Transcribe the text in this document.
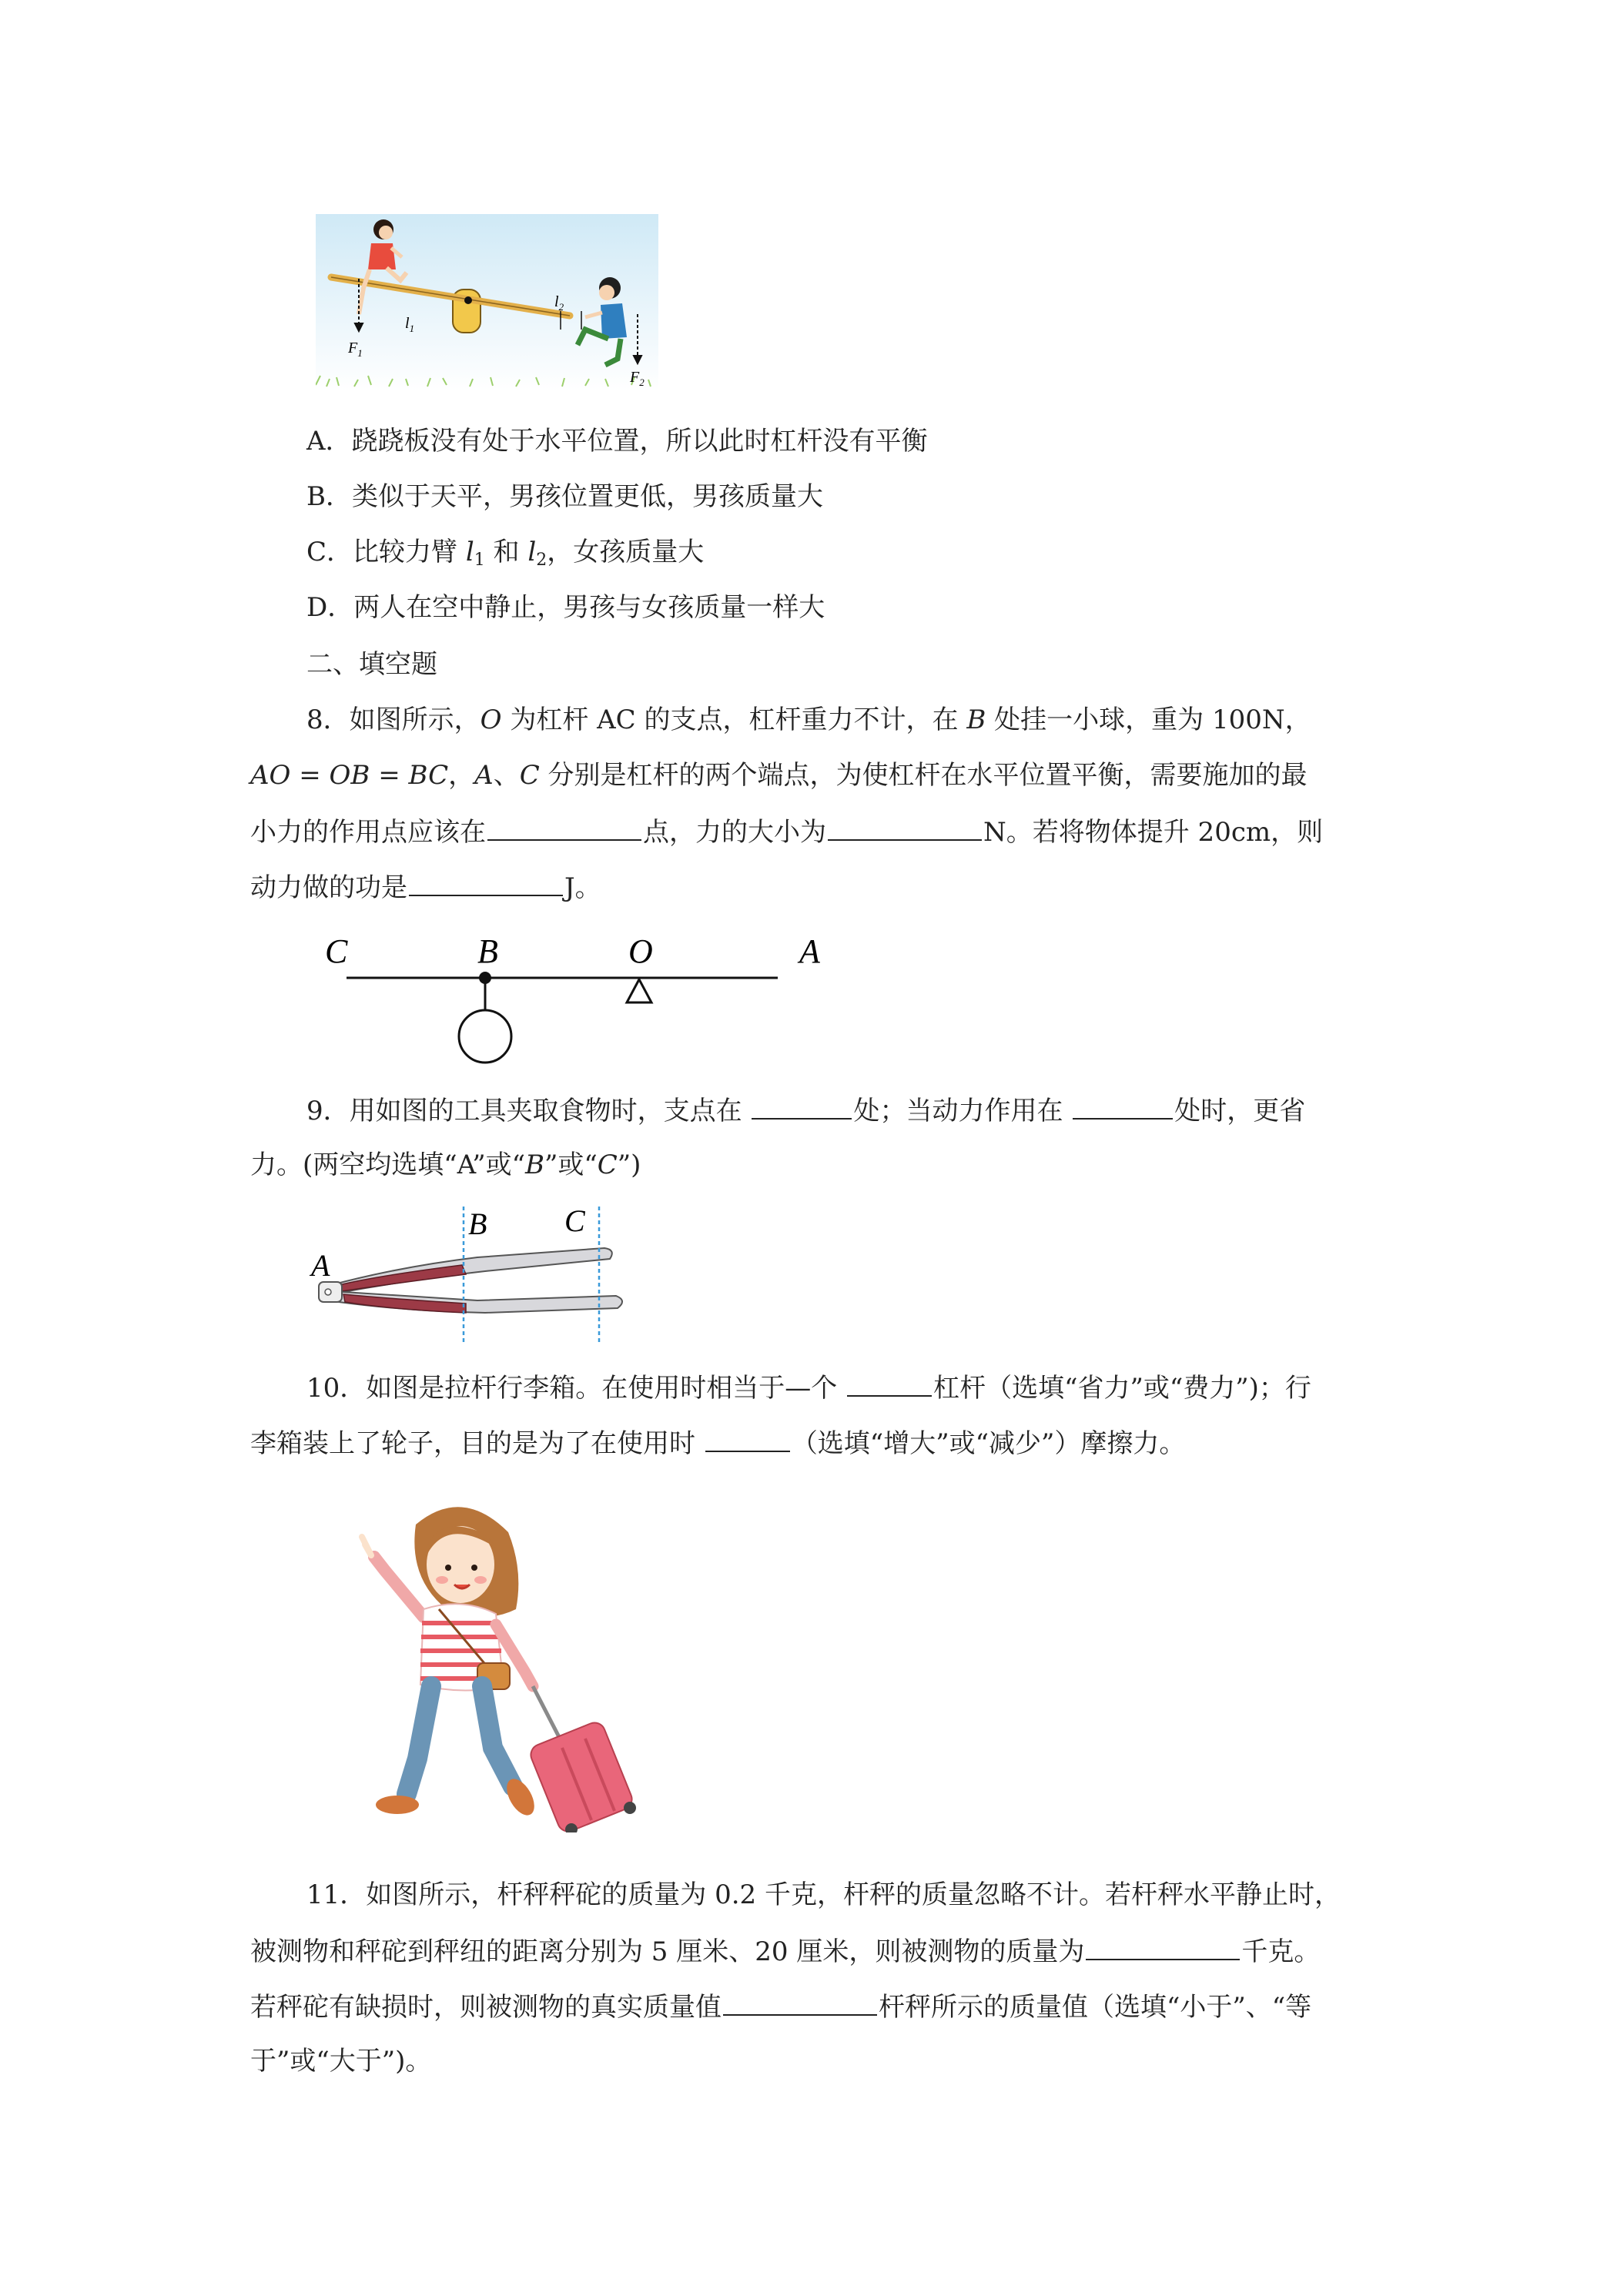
$F_1$
$l_1$
$l_2$
$F_2$
A．跷跷板没有处于水平位置，所以此时杠杆没有平衡
B．类似于天平，男孩位置更低，男孩质量大
C．比较力臂 $l_1$ 和 $l_2$，女孩质量大
D．两人在空中静止，男孩与女孩质量一样大
二、填空题
8．如图所示，O 为杠杆 AC 的支点，杠杆重力不计，在 B 处挂一小球，重为 100N，
AO = OB = BC，A、C 分别是杠杆的两个端点，为使杠杆在水平位置平衡，需要施加的最
小力的作用点应该在	点，力的大小为	N。若将物体提升 20cm，则
动力做的功是	J。
C	B	O	A
9．用如图的工具夹取食物时，支点在	处；当动力作用在	处时，更省
力。(两空均选填“A”或“B”或“C”)
A
B	C
10．如图是拉杆行李箱。在使用时相当于—个	杠杆（选填“省力”或“费力”)；行
李箱装上了轮子，目的是为了在使用时	（选填“增大”或“减少”）摩擦力。
11．如图所示，杆秤秤砣的质量为 0.2 千克，杆秤的质量忽略不计。若杆秤水平静止时，
被测物和秤砣到秤纽的距离分别为 5 厘米、20 厘米，则被测物的质量为	千克。
若秤砣有缺损时，则被测物的真实质量值	杆秤所示的质量值（选填“小于”、“等
于”或“大于”)。
